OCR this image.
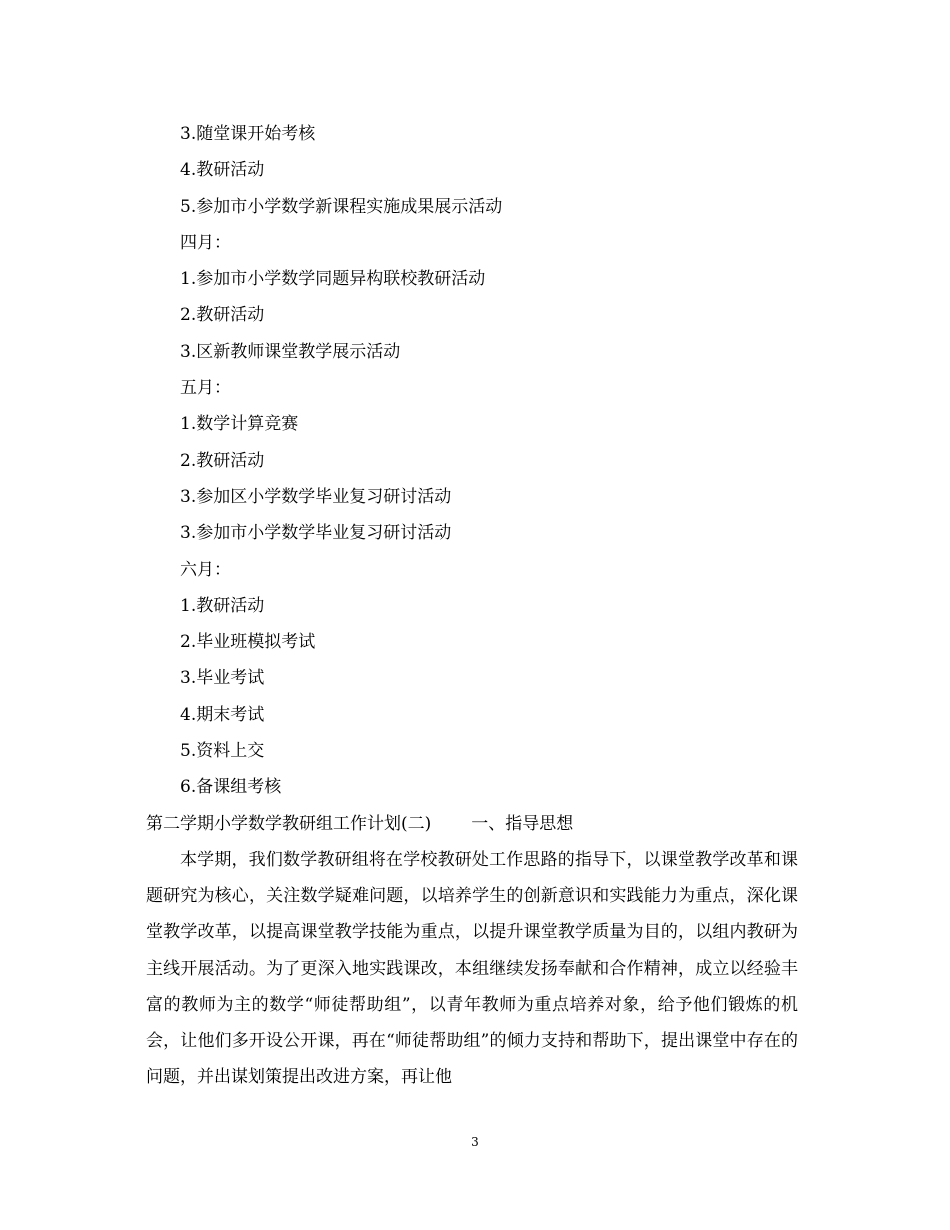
3.随堂课开始考核
4.教研活动
5.参加市小学数学新课程实施成果展示活动
四月：
1.参加市小学数学同题异构联校教研活动
2.教研活动
3.区新教师课堂教学展示活动
五月：
1.数学计算竞赛
2.教研活动
3.参加区小学数学毕业复习研讨活动
3.参加市小学数学毕业复习研讨活动
六月：
1.教研活动
2.毕业班模拟考试
3.毕业考试
4.期末考试
5.资料上交
6.备课组考核
第二学期小学数学教研组工作计划(二) 一、指导思想

本学期，我们数学教研组将在学校教研处工作思路的指导下，以课堂教学改革和课题研究为核心，关注数学疑难问题，以培养学生的创新意识和实践能力为重点，深化课堂教学改革，以提高课堂教学技能为重点，以提升课堂教学质量为目的，以组内教研为主线开展活动。为了更深入地实践课改，本组继续发扬奉献和合作精神，成立以经验丰富的教师为主的数学“师徒帮助组”，以青年教师为重点培养对象，给予他们锻炼的机会，让他们多开设公开课，再在“师徒帮助组”的倾力支持和帮助下，提出课堂中存在的问题，并出谋划策提出改进方案，再让他

3
